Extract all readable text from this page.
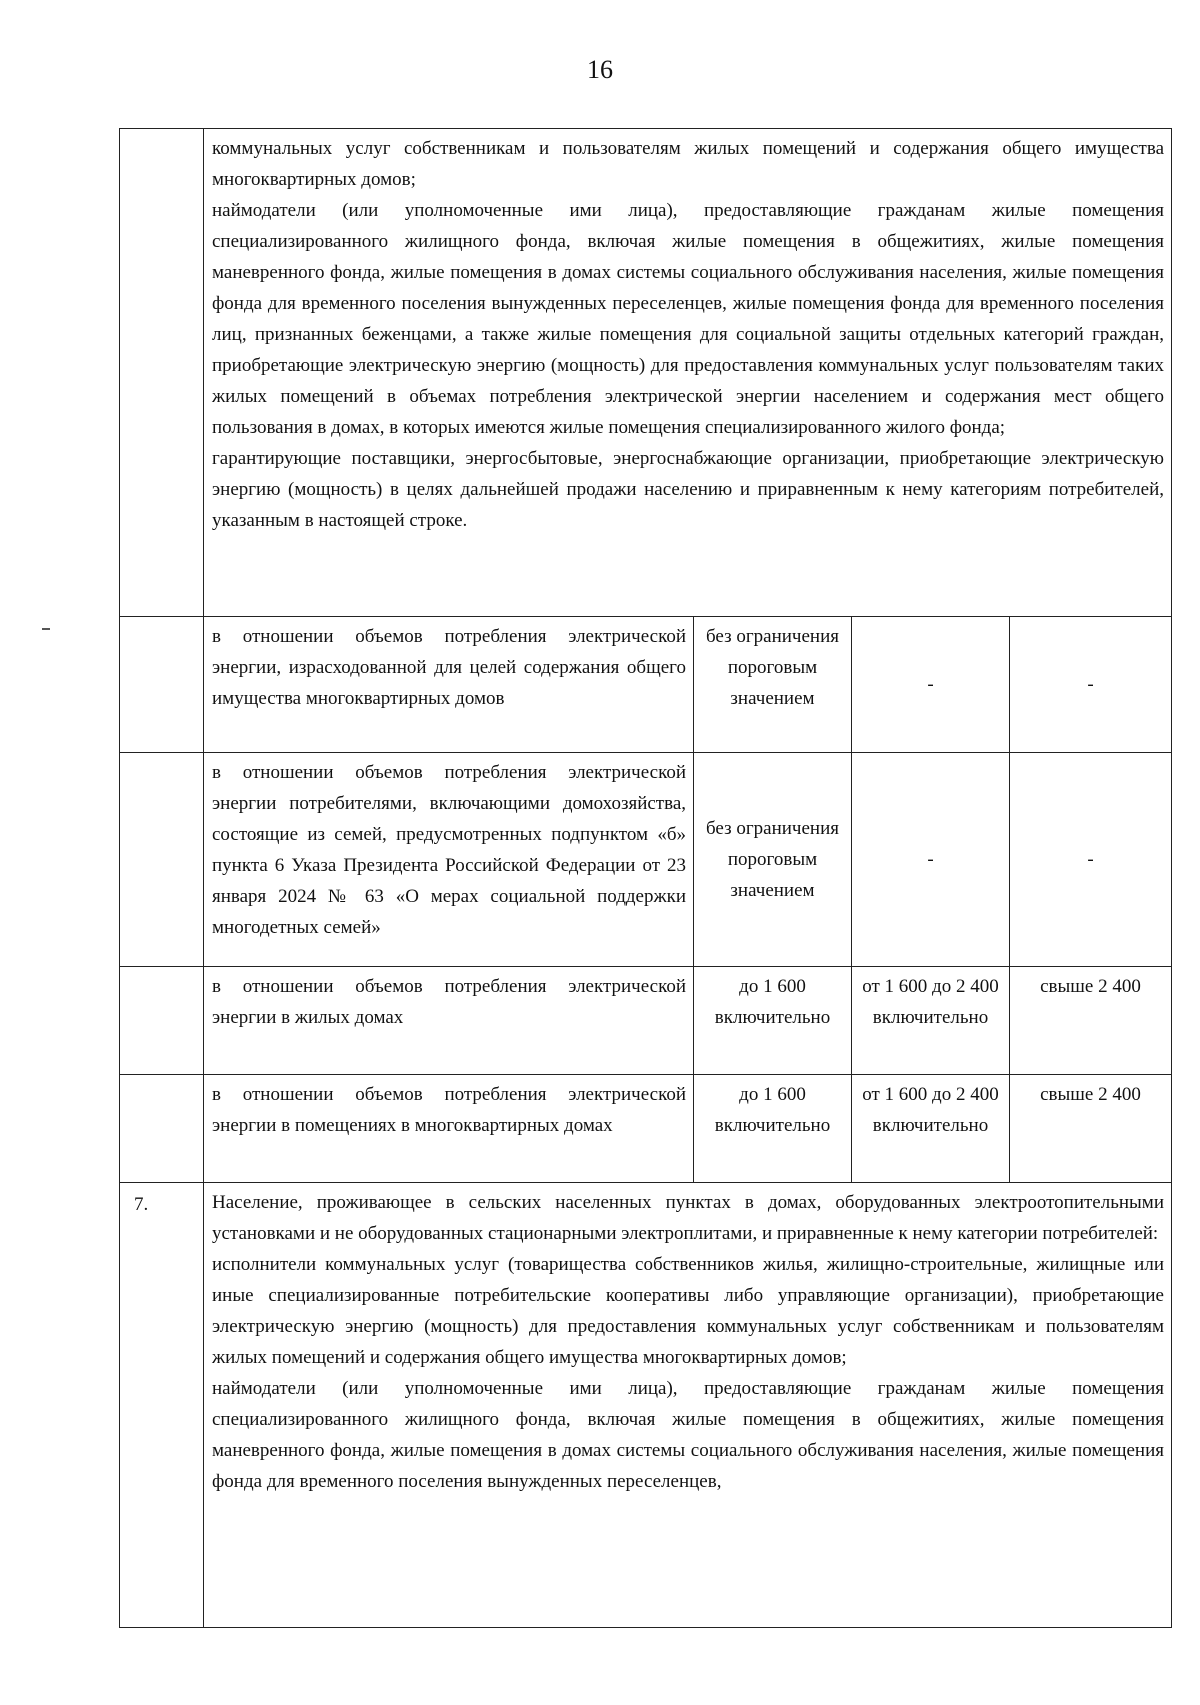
16

	коммунальных услуг собственникам и пользователям жилых помещений и содержания общего имущества многоквартирных домов;

наймодатели (или уполномоченные ими лица), предоставляющие гражданам жилые помещения специализированного жилищного фонда, включая жилые помещения в общежитиях, жилые помещения маневренного фонда, жилые помещения в домах системы социального обслуживания населения, жилые помещения фонда для временного поселения вынужденных переселенцев, жилые помещения фонда для временного поселения лиц, признанных беженцами, а также жилые помещения для социальной защиты отдельных категорий граждан, приобретающие электрическую энергию (мощность) для предоставления коммунальных услуг пользователям таких жилых помещений в объемах потребления электрической энергии населением и содержания мест общего пользования в домах, в которых имеются жилые помещения специализированного жилого фонда;

гарантирующие поставщики, энергосбытовые, энергоснабжающие организации, приобретающие электрическую энергию (мощность) в целях дальнейшей продажи населению и приравненным к нему категориям потребителей, указанным в настоящей строке.			

	в отношении объемов потребления электрической энергии, израсходованной для целей содержания общего имущества многоквартирных домов	без ограничения пороговым значением	-	-
	в отношении объемов потребления электрической энергии потребителями, включающими домохозяйства, состоящие из семей, предусмотренных подпунктом «б» пункта 6 Указа Президента Российской Федерации от 23 января 2024 № 63 «О мерах социальной поддержки многодетных семей»	без ограничения пороговым значением	-	-
	в отношении объемов потребления электрической энергии в жилых домах	до 1 600 включительно	от 1 600 до 2 400 включительно	свыше 2 400
	в отношении объемов потребления электрической энергии в помещениях в многоквартирных домах	до 1 600 включительно	от 1 600 до 2 400 включительно	свыше 2 400
7.	Население, проживающее в сельских населенных пунктах в домах, оборудованных электроотопительными установками и не оборудованных стационарными электроплитами, и приравненные к нему категории потребителей:

исполнители коммунальных услуг (товарищества собственников жилья, жилищно-строительные, жилищные или иные специализированные потребительские кооперативы либо управляющие организации), приобретающие электрическую энергию (мощность) для предоставления коммунальных услуг собственникам и пользователям жилых помещений и содержания общего имущества многоквартирных домов;

наймодатели (или уполномоченные ими лица), предоставляющие гражданам жилые помещения специализированного жилищного фонда, включая жилые помещения в общежитиях, жилые помещения маневренного фонда, жилые помещения в домах системы социального обслуживания населения, жилые помещения фонда для временного поселения вынужденных переселенцев,			
